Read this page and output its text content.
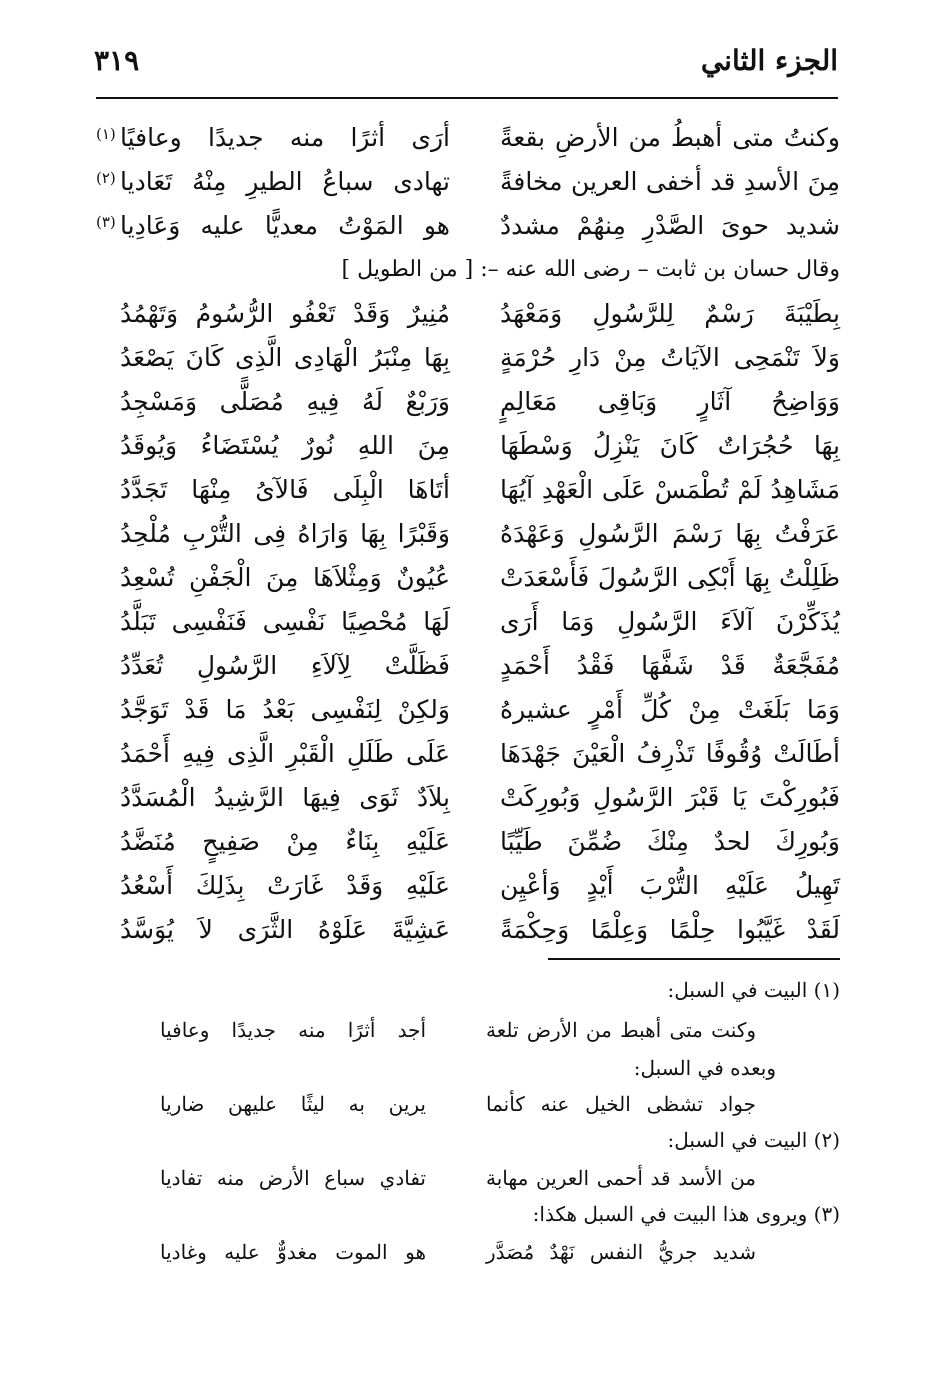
الجزء الثاني
٣١٩
وكنتُ متى أهبطُ من الأرضِ بقعةً
أرَى أثرًا منه جديدًا وعافيًا
(١)
مِنَ الأسدِ قد أخفى العرين مخافةً
تهادى سباعُ الطيرِ مِنْهُ تَعَاديا
(٢)
شديد حوىَ الصَّدْرِ مِنهُمْ مشددٌ
هو المَوْتُ معديًّا عليه وَعَادِيا
(٣)
وقال حسان بن ثابت – رضى الله عنه –: [ من الطويل ]
بِطَيْبَةَ رَسْمٌ لِلرَّسُولِ وَمَعْهَدُ
مُنِيرٌ وَقَدْ تَعْفُو الرُّسُومُ وَتَهْمُدُ
وَلاَ تَنْمَحِى الآيَاتُ مِنْ دَارِ حُرْمَةٍ
بِهَا مِنْبَرُ الْهَادِى الَّذِى كَانَ يَصْعَدُ
وَوَاضِحُ آثَارٍ وَبَاقِى مَعَالِمٍ
وَرَبْعٌ لَهُ فِيهِ مُصَلًّى وَمَسْجِدُ
بِهَا حُجُرَاتٌ كَانَ يَنْزِلُ وَسْطَهَا
مِنَ اللهِ نُورٌ يُسْتَضَاءُ وَيُوقَدُ
مَشَاهِدُ لَمْ تُطْمَسْ عَلَى الْعَهْدِ آيُهَا
أتَاهَا الْبِلَى فَالآىُ مِنْهَا تَجَدَّدُ
عَرَفْتُ بِهَا رَسْمَ الرَّسُولِ وَعَهْدَهُ
وَقَبْرًا بِهَا وَارَاهُ فِى التُّرْبِ مُلْحِدُ
ظَلِلْتُ بِهَا أَبْكِى الرَّسُولَ فَأَسْعَدَتْ
عُيُونٌ وَمِثْلاَهَا مِنَ الْجَفْنِ تُسْعِدُ
يُذَكِّرْنَ آلاَءَ الرَّسُولِ وَمَا أَرَى
لَهَا مُحْصِيًا نَفْسِى فَنَفْسِى تَبَلَّدُ
مُفَجَّعَةٌ قَدْ شَفَّهَا فَقْدُ أَحْمَدٍ
فَظَلَّتْ لِآلاَءِ الرَّسُولِ تُعَدِّدُ
وَمَا بَلَغَتْ مِنْ كُلِّ أَمْرٍ عشيرهُ
وَلكِنْ لِنَفْسِى بَعْدُ مَا قَدْ تَوَجَّدُ
أطَالَتْ وُقُوفًا تَذْرِفُ الْعَيْنَ جَهْدَهَا
عَلَى طَلَلِ الْقَبْرِ الَّذِى فِيهِ أَحْمَدُ
فَبُورِكْتَ يَا قَبْرَ الرَّسُولِ وَبُورِكَتْ
بِلاَدٌ ثَوَى فِيهَا الرَّشِيدُ الْمُسَدَّدُ
وَبُورِكَ لحدٌ مِنْكَ ضُمِّنَ طَيِّبًا
عَلَيْهِ بِنَاءٌ مِنْ صَفِيحٍ مُنَضَّدُ
تَهِيلُ عَلَيْهِ التُّرْبَ أَيْدٍ وَأعْيِن
عَلَيْهِ وَقَدْ غَارَتْ بِذَلِكَ أَسْعُدُ
لَقَدْ غَيَّبُوا حِلْمًا وَعِلْمًا وَحِكْمَةً
عَشِيَّةَ عَلَوْهُ الثَّرَى لاَ يُوَسَّدُ
(١) البيت في السبل:
وكنت متى أهبط من الأرض تلعة
أجد أثرًا منه جديدًا وعافيا
وبعده في السبل:
جواد تشظى الخيل عنه كأنما
يرين به ليثًا عليهن ضاريا
(٢) البيت في السبل:
من الأسد قد أحمى العرين مهابة
تفادي سباع الأرض منه تفاديا
(٣) ويروى هذا البيت في السبل هكذا:
شديد جريُّ النفس نَهْدٌ مُصَدَّر
هو الموت مغدوٌّ عليه وغاديا
